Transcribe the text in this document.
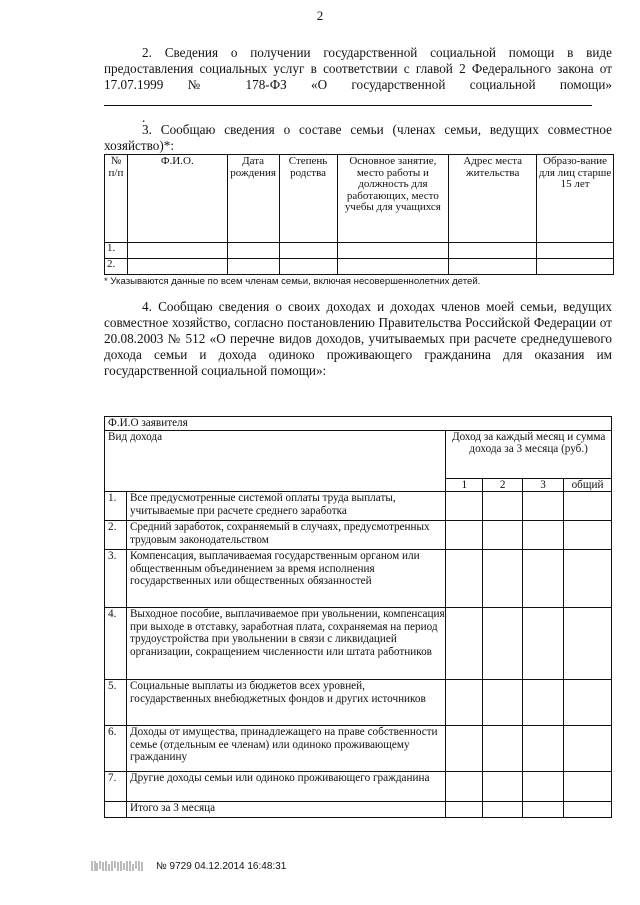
2
2. Сведения о получении государственной социальной помощи в виде предоставления социальных услуг в соответствии с главой 2 Федерального закона от 17.07.1999 № 178-ФЗ «О государственной социальной помощи» .
3. Сообщаю сведения о составе семьи (членах семьи, ведущих совместное хозяйство)*:
№ п/п	Ф.И.О.	Дата рождения	Степень родства	Основное занятие, место работы и должность для работающих, место учебы для учащихся	Адрес места жительства	Образо-вание для лиц старше 15 лет
1.						
2.						
* Указываются данные по всем членам семьи, включая несовершеннолетних детей.
4. Сообщаю сведения о своих доходах и доходах членов моей семьи, ведущих совместное хозяйство, согласно постановлению Правительства Российской Федерации от 20.08.2003 № 512 «О перечне видов доходов, учитываемых при расчете среднедушевого дохода семьи и дохода одиноко проживающего гражданина для оказания им государственной социальной помощи»:
Ф.И.О заявителя					
Вид дохода		Доход за каждый месяц и сумма дохода за 3 месяца (руб.)			
		1	2	3	общий
1.	Все предусмотренные системой оплаты труда выплаты, учитываемые при расчете среднего заработка				
2.	Средний заработок, сохраняемый в случаях, предусмотренных трудовым законодательством				
3.	Компенсация, выплачиваемая государственным органом или общественным объединением за время исполнения государственных или общественных обязанностей				
4.	Выходное пособие, выплачиваемое при увольнении, компенсация при выходе в отставку, заработная плата, сохраняемая на период трудоустройства при увольнении в связи с ликвидацией организации, сокращением численности или штата работников				
5.	Социальные выплаты из бюджетов всех уровней, государственных внебюджетных фондов и других источников				
6.	Доходы от имущества, принадлежащего на праве собственности семье (отдельным ее членам) или одиноко проживающему гражданину				
7.	Другие доходы семьи или одиноко проживающего гражданина				
	Итого за 3 месяца				
№ 9729 04.12.2014 16:48:31
